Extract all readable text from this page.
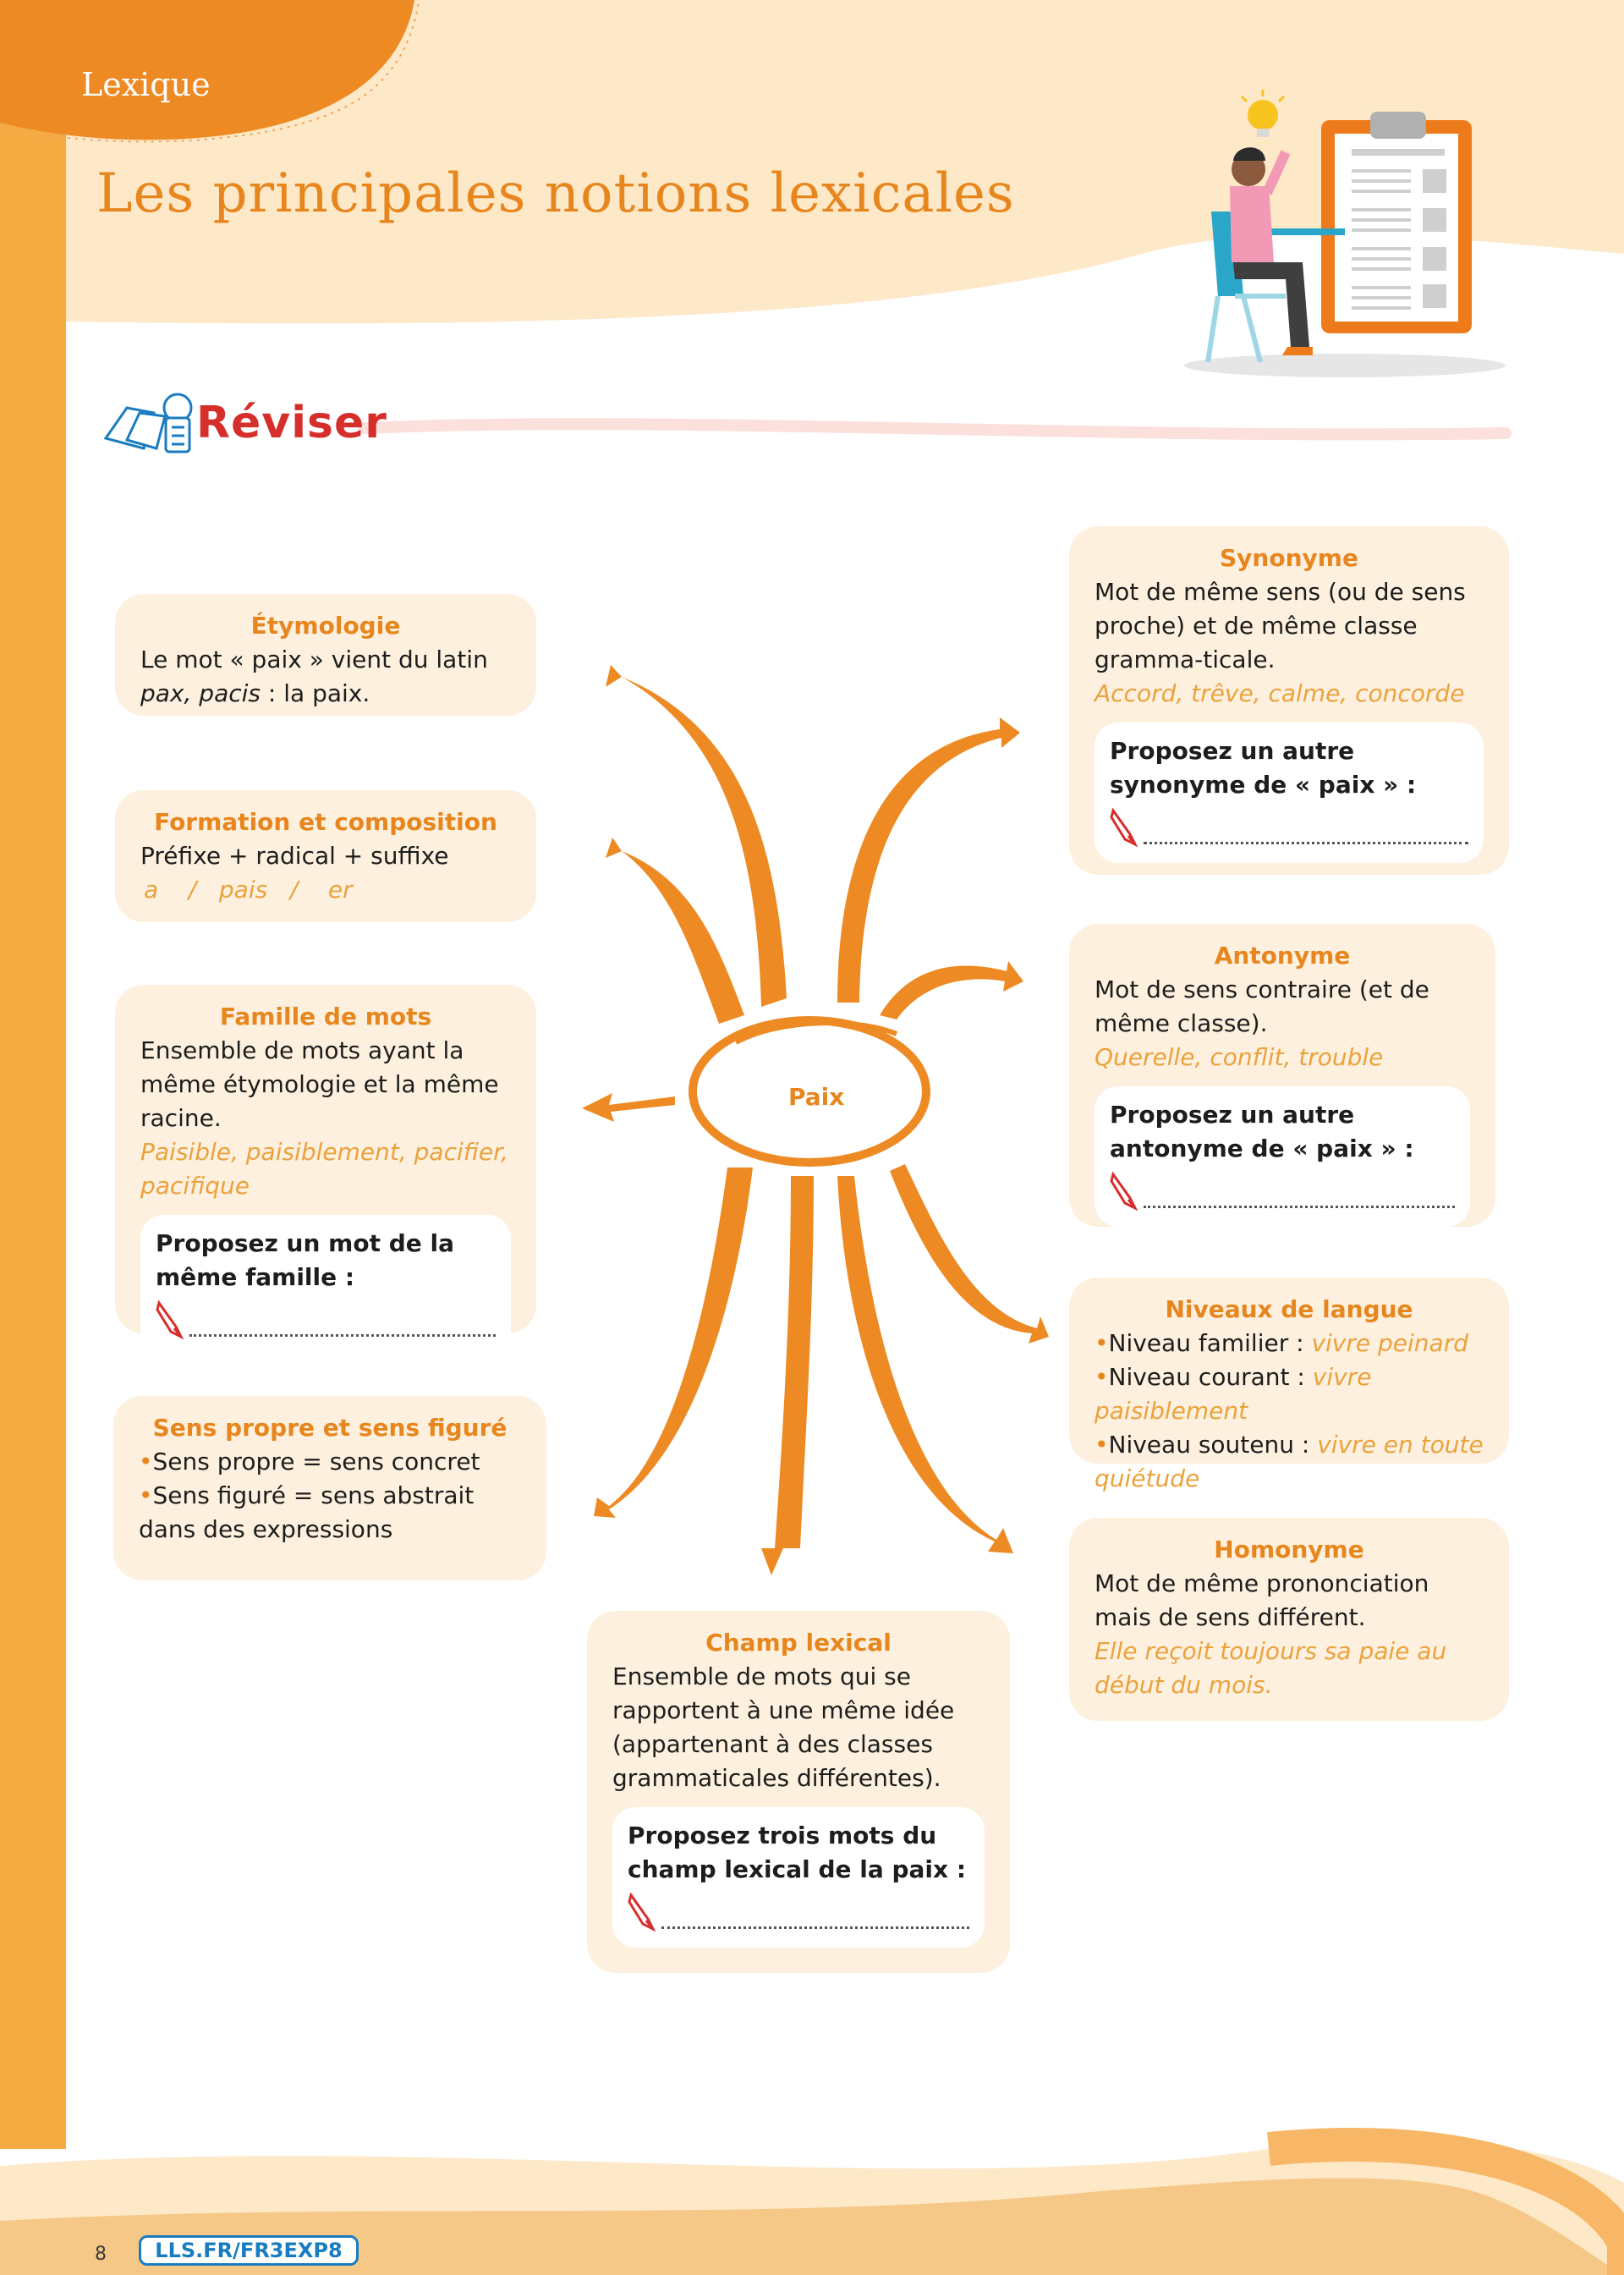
Lexique
Les principales notions lexicales
Réviser
Paix
Étymologie
Le mot « paix » vient du latin
pax, pacis : la paix.
Formation et composition
Préfixe + radical + suffixe
a    /   pais   /    er
Famille de mots
Ensemble de mots ayant la même étymologie et la même racine.
Paisible, paisiblement, pacifier, pacifique
Proposez un mot de la même famille :
Sens propre et sens figuré
•Sens propre = sens concret
•Sens figuré = sens abstrait dans des expressions
Synonyme
Mot de même sens (ou de sens proche) et de même classe gramma-ticale.
Accord, trêve, calme, concorde
Proposez un autre synonyme de « paix » :
Antonyme
Mot de sens contraire (et de même classe).
Querelle, conflit, trouble
Proposez un autre antonyme de « paix » :
Niveaux de langue
•Niveau familier : vivre peinard
•Niveau courant : vivre paisiblement
•Niveau soutenu : vivre en toute quiétude
Homonyme
Mot de même prononciation mais de sens différent.
Elle reçoit toujours sa paie au début du mois.
Champ lexical
Ensemble de mots qui se rapportent à une même idée (appartenant à des classes grammaticales différentes).
Proposez trois mots du champ lexical de la paix :
8	LLS.FR/FR3EXP8
